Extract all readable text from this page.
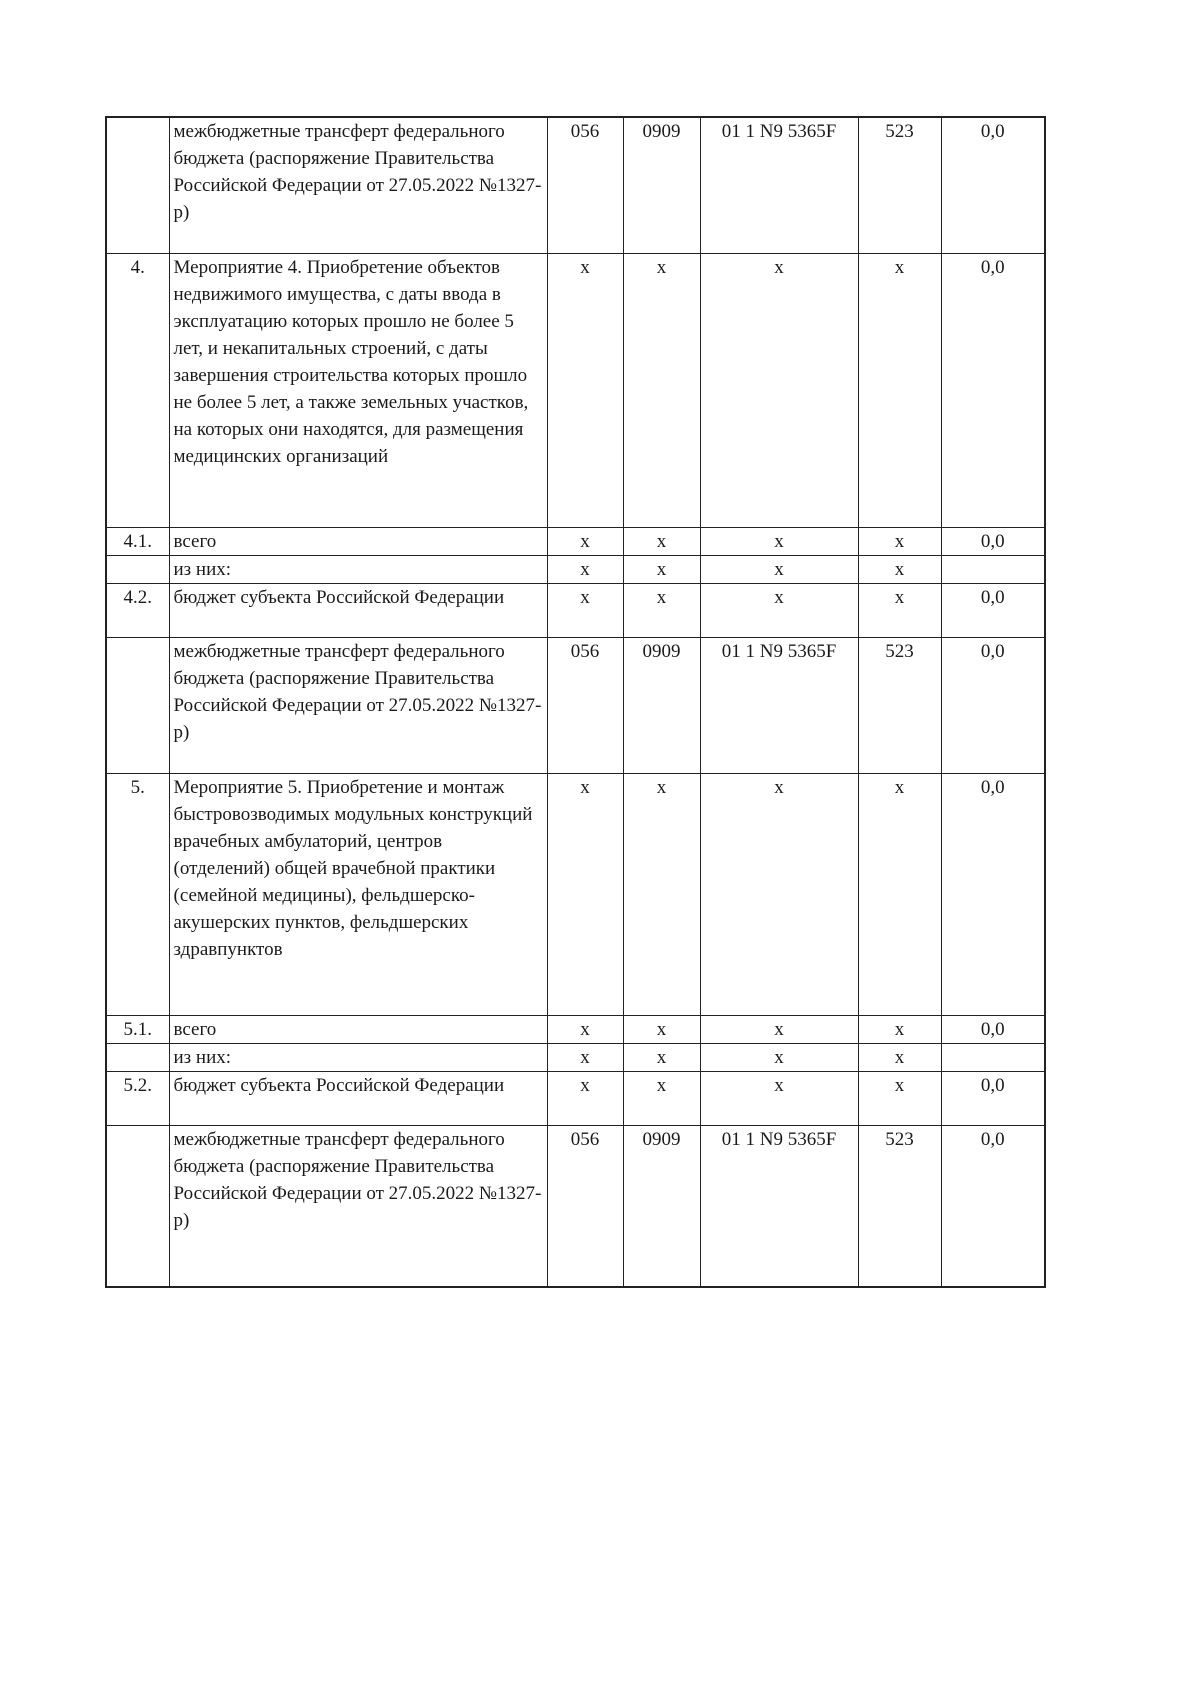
	межбюджетные трансферт федерального бюджета (распоряжение Правительства Российской Федерации от 27.05.2022 №1327-р)	056	0909	01 1 N9 5365F	523	0,0
4.	Мероприятие 4. Приобретение объектов недвижимого имущества, с даты ввода в эксплуатацию которых прошло не более 5 лет, и некапитальных строений, с даты завершения строительства которых прошло не более 5 лет, а также земельных участков, на которых они находятся, для размещения медицинских организаций	х	х	х	х	0,0
4.1.	всего	х	х	х	х	0,0
	из них:	х	х	х	х	
4.2.	бюджет субъекта Российской Федерации	х	х	х	х	0,0
	межбюджетные трансферт федерального бюджета (распоряжение Правительства Российской Федерации от 27.05.2022 №1327-р)	056	0909	01 1 N9 5365F	523	0,0
5.	Мероприятие 5. Приобретение и монтаж быстровозводимых модульных конструкций врачебных амбулаторий, центров (отделений) общей врачебной практики (семейной медицины), фельдшерско-акушерских пунктов, фельдшерских здравпунктов	х	х	х	х	0,0
5.1.	всего	х	х	х	х	0,0
	из них:	х	х	х	х	
5.2.	бюджет субъекта Российской Федерации	х	х	х	х	0,0
	межбюджетные трансферт федерального бюджета (распоряжение Правительства Российской Федерации от 27.05.2022 №1327-р)	056	0909	01 1 N9 5365F	523	0,0
